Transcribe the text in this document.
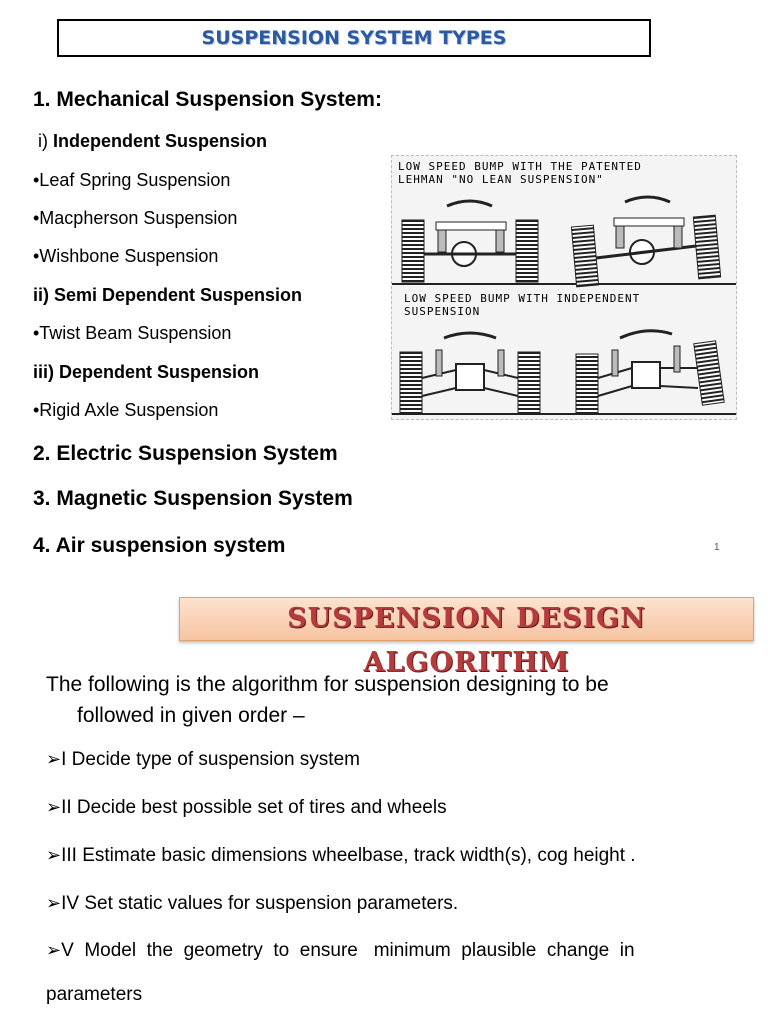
SUSPENSION SYSTEM TYPES
1. Mechanical Suspension System:
i) Independent Suspension
•Leaf Spring Suspension
•Macpherson Suspension
•Wishbone Suspension
ii) Semi Dependent Suspension
•Twist Beam Suspension
iii) Dependent Suspension
•Rigid Axle Suspension
2. Electric Suspension System
3. Magnetic Suspension System
4. Air suspension system	1
LOW SPEED BUMP WITH THE PATENTED
LEHMAN "NO LEAN SUSPENSION"
LOW SPEED BUMP WITH INDEPENDENT
SUSPENSION
SUSPENSION DESIGN ALGORITHM
The following is the algorithm for suspension designing to be
followed in given order –
➢I Decide type of suspension system
➢II Decide best possible set of tires and wheels
➢III Estimate basic dimensions wheelbase, track width(s), cog height .
➢IV Set static values for suspension parameters.
➢V  Model  the  geometry  to  ensure   minimum  plausible  change  in
parameters
